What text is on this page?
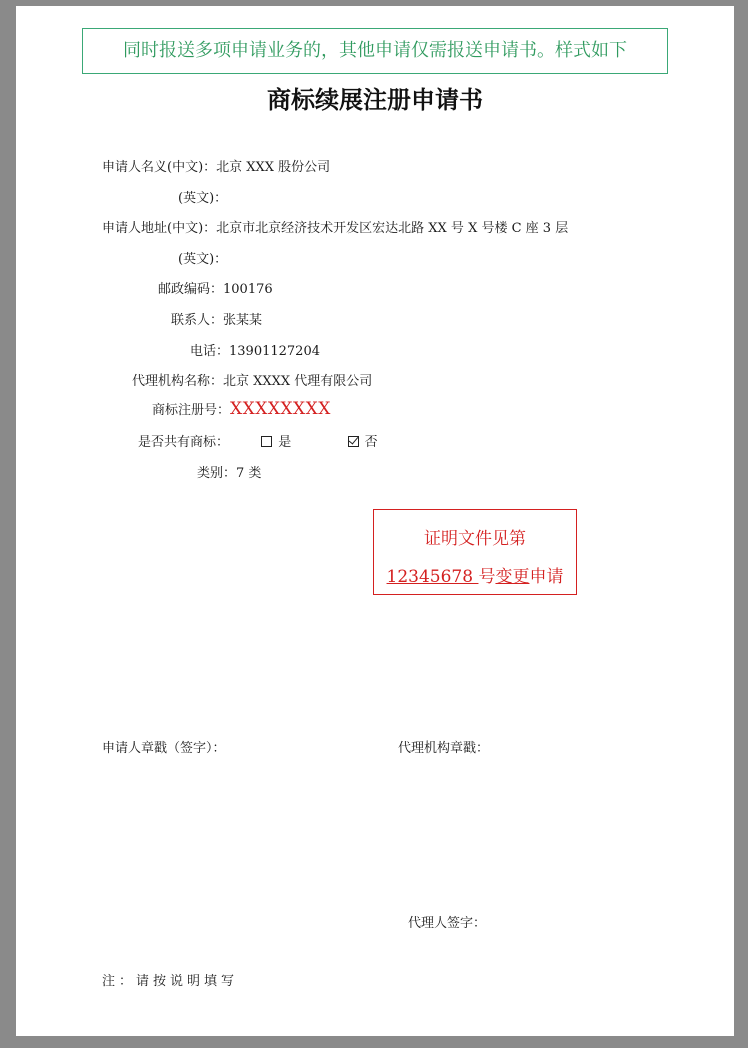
同时报送多项申请业务的，其他申请仅需报送申请书。样式如下
商标续展注册申请书
申请人名义(中文)：北京 XXX 股份公司
(英文)：
申请人地址(中文)：北京市北京经济技术开发区宏达北路 XX 号 X 号楼 C 座 3 层
(英文)：
邮政编码：100176
联系人：张某某
电话：13901127204
代理机构名称：北京 XXXX 代理有限公司
商标注册号：XXXXXXXX
是否共有商标：	是	否
类别：7 类
证明文件见第
12345678 号变更申请
申请人章戳（签字）：	代理机构章戳：
代理人签字：
注：请按说明填写
